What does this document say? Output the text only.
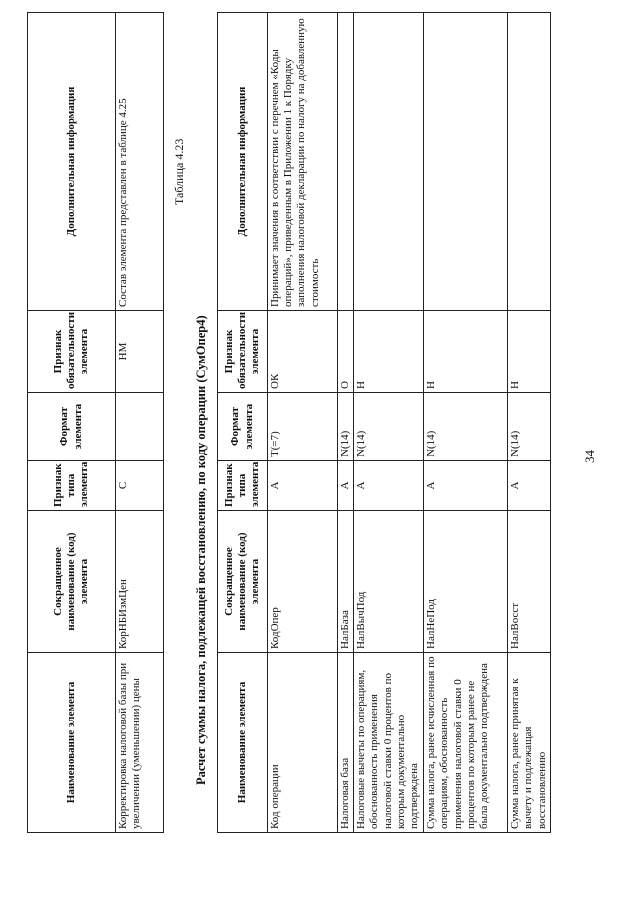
34
Наименование элемента	Сокращенное наименование (код) элемента	Признак типа элемента	Формат элемента	Признак обязательности элемента	Дополнительная информация
Корректировка налоговой базы при увеличении (уменьшении) цены	КорНБИзмЦен	С		НМ	Состав элемента представлен в таблице 4.25	Таблица 4.23
Расчет суммы налога, подлежащей восстановлению, по коду операции (СумОпер4)	Наименование элемента	Сокращенное наименование (код) элемента	Признак типа элемента	Формат элемента	Признак обязательности элемента	Дополнительная информация
Код операции	КодОпер	А	T(=7)	ОК	Принимает значения в соответствии с перечнем «Коды операций», приведенным в Приложении 1 к Порядку заполнения налоговой декларации по налогу на добавленную стоимость
Налоговая база	НалБаза	А	N(14)	О	
Налоговые вычеты по операциям, обоснованность применения налоговой ставки 0 процентов по которым документально подтверждена	НалВычПод	А	N(14)	Н	
Сумма налога, ранее исчисленная по операциям, обоснованность применения налоговой ставки 0 процентов по которым ранее не была документально подтверждена	НалНеПод	А	N(14)	Н	
Сумма налога, ранее принятая к вычету и подлежащая восстановлению	НалВосст	А	N(14)	Н	
